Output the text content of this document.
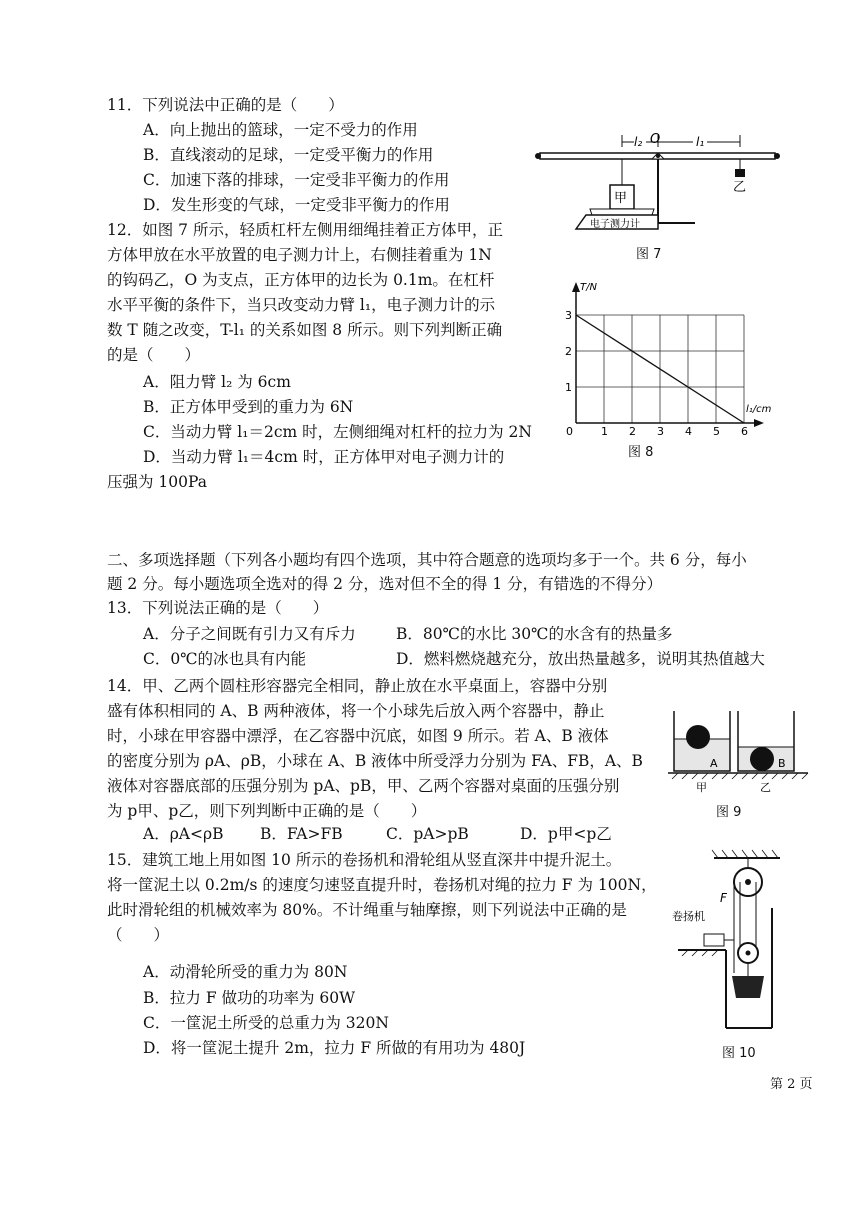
11．下列说法中正确的是（　　）
A．向上抛出的篮球，一定不受力的作用
B．直线滚动的足球，一定受平衡力的作用
C．加速下落的排球，一定受非平衡力的作用
D．发生形变的气球，一定受非平衡力的作用
12．如图 7 所示，轻质杠杆左侧用细绳挂着正方体甲，正
方体甲放在水平放置的电子测力计上，右侧挂着重为 1N
的钩码乙，O 为支点，正方体甲的边长为 0.1m。在杠杆
水平平衡的条件下，当只改变动力臂 l₁，电子测力计的示
数 T 随之改变，T-l₁ 的关系如图 8 所示。则下列判断正确
的是（　　）
A．阻力臂 l₂ 为 6cm
B．正方体甲受到的重力为 6N
C．当动力臂 l₁＝2cm 时，左侧细绳对杠杆的拉力为 2N
D．当动力臂 l₁＝4cm 时，正方体甲对电子测力计的
压强为 100Pa
l₂ O	l₁
甲
电子测力计
乙
图 7
T/N
l₁/cm
0	1 2 3 4 5 6
1
2
3
图 8
二、多项选择题（下列各小题均有四个选项，其中符合题意的选项均多于一个。共 6 分，每小
题 2 分。每小题选项全选对的得 2 分，选对但不全的得 1 分，有错选的不得分）
13．下列说法正确的是（　　）
A．分子之间既有引力又有斥力	B．80℃的水比 30℃的水含有的热量多
C．0℃的冰也具有内能	D．燃料燃烧越充分，放出热量越多，说明其热值越大
14．甲、乙两个圆柱形容器完全相同，静止放在水平桌面上，容器中分别
盛有体积相同的 A、B 两种液体，将一个小球先后放入两个容器中，静止
时，小球在甲容器中漂浮，在乙容器中沉底，如图 9 所示。若 A、B 液体
的密度分别为 ρA、ρB，小球在 A、B 液体中所受浮力分别为 FA、FB，A、B
液体对容器底部的压强分别为 pA、pB，甲、乙两个容器对桌面的压强分别
为 p甲、p乙，则下列判断中正确的是（　　）
A．ρA<ρB B．FA>FB	C．pA>pB	D．p甲<p乙
A	B
甲	乙
图 9
15．建筑工地上用如图 10 所示的卷扬机和滑轮组从竖直深井中提升泥土。
将一筐泥土以 0.2m/s 的速度匀速竖直提升时，卷扬机对绳的拉力 F 为 100N，
此时滑轮组的机械效率为 80%。不计绳重与轴摩擦，则下列说法中正确的是
（　　）
A．动滑轮所受的重力为 80N
B．拉力 F 做功的功率为 60W
C．一筐泥土所受的总重力为 320N
D．将一筐泥土提升 2m，拉力 F 所做的有用功为 480J
F
卷扬机
图 10
第 2 页
